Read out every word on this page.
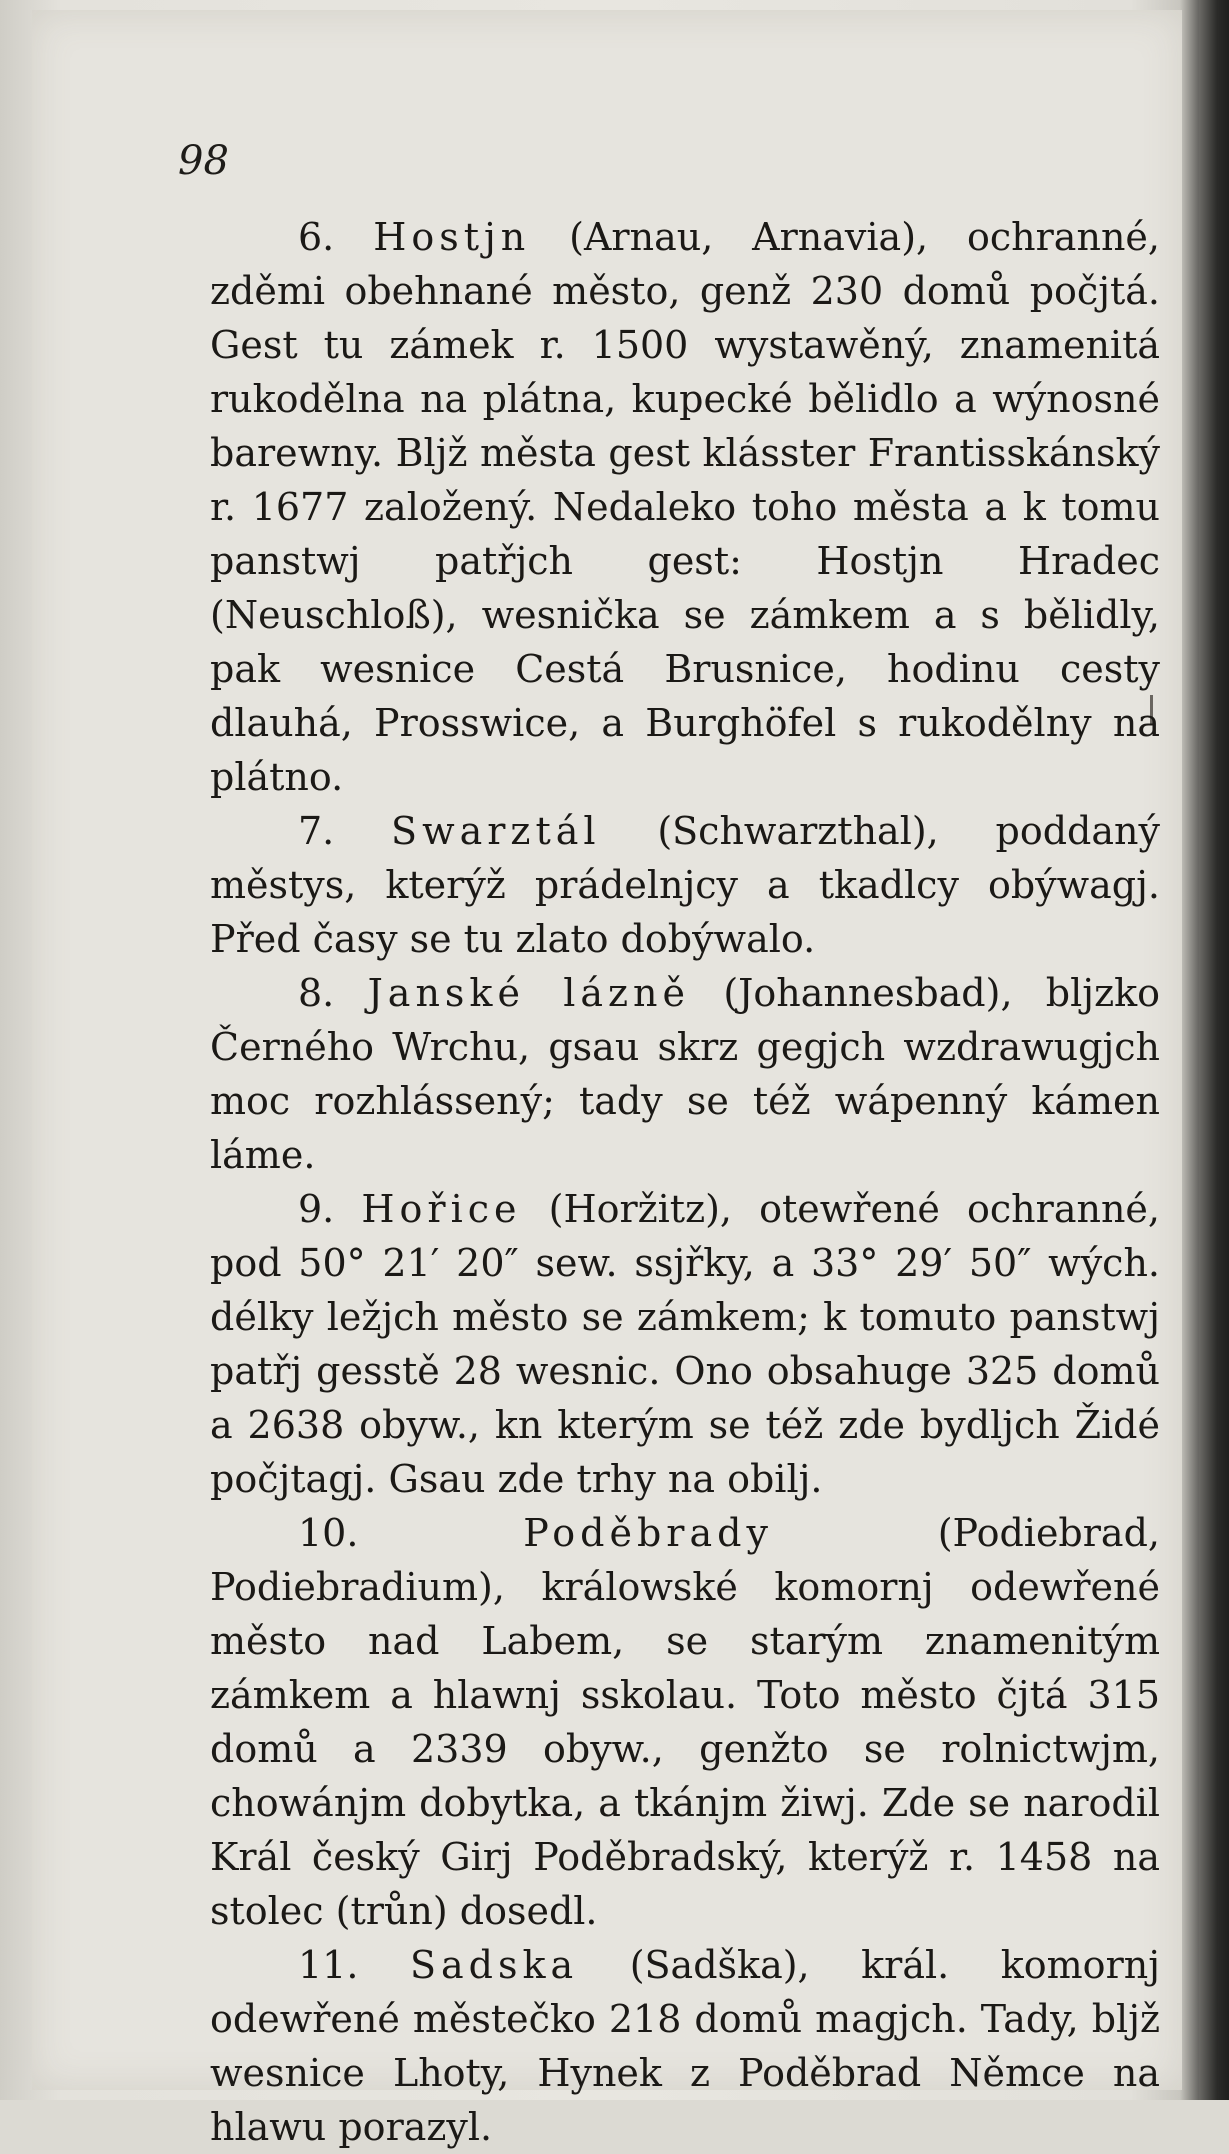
98

6. Hostjn (Arnau, Arnavia), ochranné, zděmi obehnané město, genž 230 domů počjtá. Gest tu zámek r. 1500 wystawěný, znamenitá rukodělna na plátna, kupecké bělidlo a wýnosné barewny. Bljž města gest klásster Frantisskánský r. 1677 založený. Nedaleko toho města a k tomu panstwj patřjch gest: Hostjn Hradec (Neuschloß), wesnička se zámkem a s bělidly, pak wesnice Cestá Brusnice, hodinu cesty dlauhá, Prosswice, a Burghöfel s rukodělny na plátno.

7. Swarztál (Schwarzthal), poddaný městys, kterýž prádelnjcy a tkadlcy obýwagj. Před časy se tu zlato dobýwalo.

8. Janské lázně (Johannesbad), bljzko Černého Wrchu, gsau skrz gegjch wzdrawugjch moc rozhlássený; tady se též wápenný kámen láme.

9. Hořice (Horžitz), otewřené ochranné, pod 50° 21′ 20″ sew. ssjřky, a 33° 29′ 50″ wých. délky ležjch město se zámkem; k tomuto panstwj patřj gesstě 28 wesnic. Ono obsahuge 325 domů a 2638 obyw., kn kterým se též zde bydljch Židé počjtagj. Gsau zde trhy na obilj.

10.	Poděbrady	(Podiebrad, Podiebradium), králowské komornj odewřené město nad Labem, se starým znamenitým zámkem a hlawnj sskolau. Toto město čjtá 315 domů a 2339 obyw., genžto se rolnictwjm, chowánjm dobytka, a tkánjm žiwj. Zde se narodil Král český Girj Poděbradský, kterýž r. 1458 na stolec (trůn) dosedl.

11. Sadska (Sadška), král. komornj odewřené městečko 218 domů magjch. Tady, bljž wesnice Lhoty, Hynek z Poděbrad Němce na hlawu porazyl.
